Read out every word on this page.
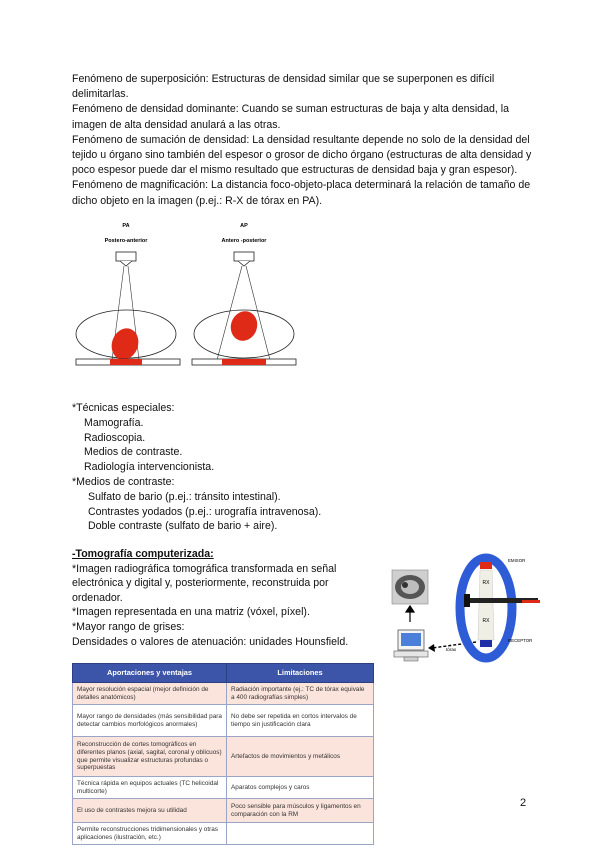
Fenómeno de superposición: Estructuras de densidad similar que se superponen es difícil delimitarlas.

Fenómeno de densidad dominante: Cuando se suman estructuras de baja y alta densidad, la imagen de alta densidad anulará a las otras.

Fenómeno de sumación de densidad: La densidad resultante depende no solo de la densidad del tejido u órgano sino también del espesor o grosor de dicho órgano (estructuras de alta densidad y poco espesor puede dar el mismo resultado que estructuras de densidad baja y gran espesor).

Fenómeno de magnificación: La distancia foco-objeto-placa determinará la relación de tamaño de dicho objeto en la imagen (p.ej.: R-X de tórax en PA).

PA
Postero-anterior
AP
Antero -posterior

*Técnicas especiales:

Mamografía.

Radioscopia.

Medios de contraste.

Radiología intervencionista.

*Medios de contraste:

Sulfato de bario (p.ej.: tránsito intestinal).

Contrastes yodados (p.ej.: urografía intravenosa).

Doble contraste (sulfato de bario + aire).

-Tomografía computerizada:

*Imagen radiográfica tomográfica transformada en señal electrónica y digital y, posteriormente, reconstruida por ordenador.

*Imagen representada en una matriz (vóxel, píxel).

*Mayor rango de grises:

Densidades o valores de atenuación: unidades Hounsfield.

RX
RX
EMISOR
RECEPTOR
tórax
Aportaciones y ventajas	Limitaciones
Mayor resolución espacial (mejor definición de detalles anatómicos)	Radiación importante (ej.: TC de tórax equivale a 400 radiografías simples)
Mayor rango de densidades (más sensibilidad para detectar cambios morfológicos anormales)	No debe ser repetida en cortos intervalos de tiempo sin justificación clara
Reconstrucción de cortes tomográficos en diferentes planos (axial, sagital, coronal y oblicuos) que permite visualizar estructuras profundas o superpuestas	Artefactos de movimientos y metálicos
Técnica rápida en equipos actuales (TC helicoidal multicorte)	Aparatos complejos y caros
El uso de contrastes mejora su utilidad	Poco sensible para músculos y ligamentos en comparación con la RM
Permite reconstrucciones tridimensionales y otras aplicaciones (ilustración, etc.)	
2
